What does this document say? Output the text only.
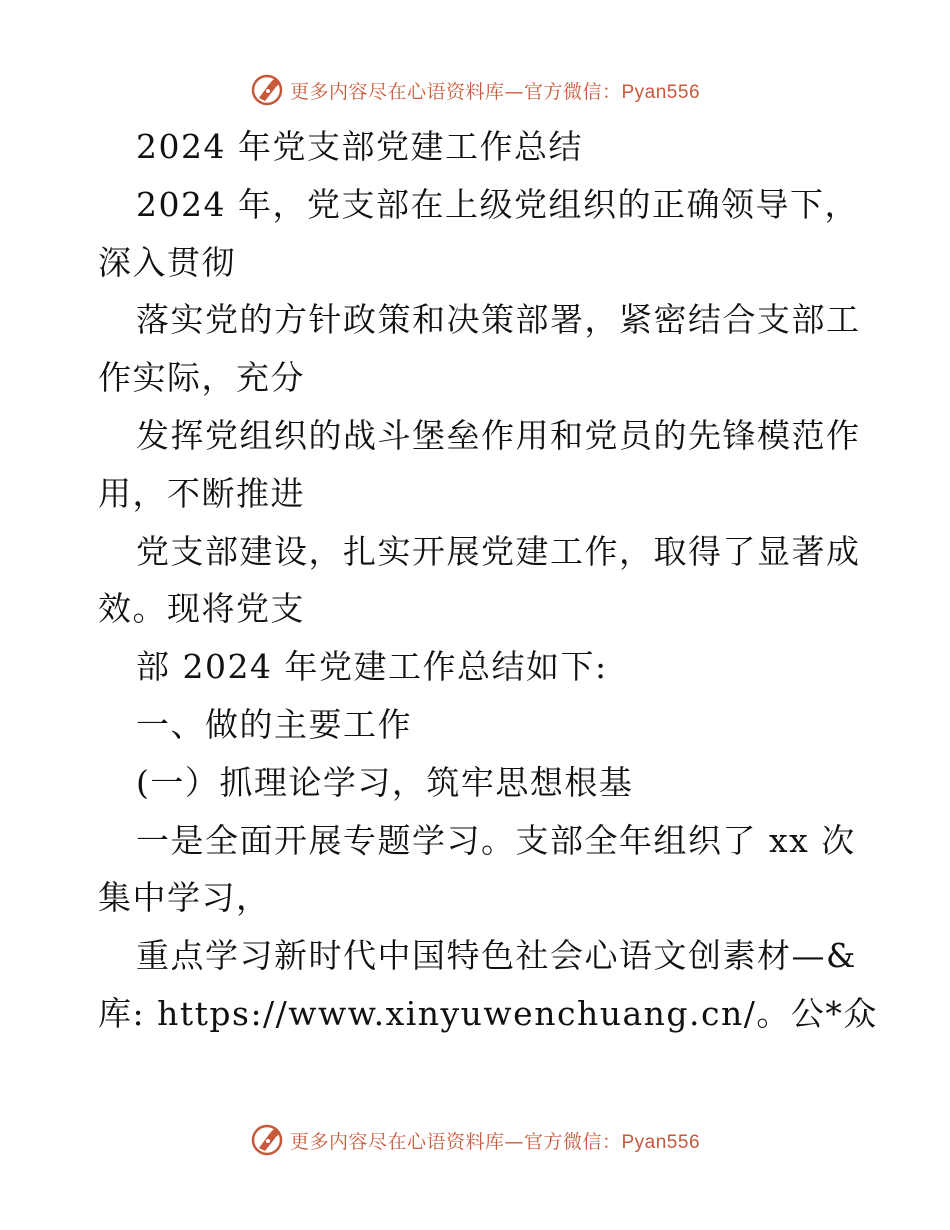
更多内容尽在心语资料库—官方微信：Pyan556
2024 年党支部党建工作总结
2024 年，党支部在上级党组织的正确领导下，
深入贯彻
落实党的方针政策和决策部署，紧密结合支部工
作实际，充分
发挥党组织的战斗堡垒作用和党员的先锋模范作
用，不断推进
党支部建设，扎实开展党建工作，取得了显著成
效。现将党支
部 2024 年党建工作总结如下:
一、做的主要工作
(一）抓理论学习，筑牢思想根基
一是全面开展专题学习。支部全年组织了 xx 次
集中学习，
重点学习新时代中国特色社会心语文创素材—&
库: https://www.xinyuwenchuang.cn/。公*众
更多内容尽在心语资料库—官方微信：Pyan556
